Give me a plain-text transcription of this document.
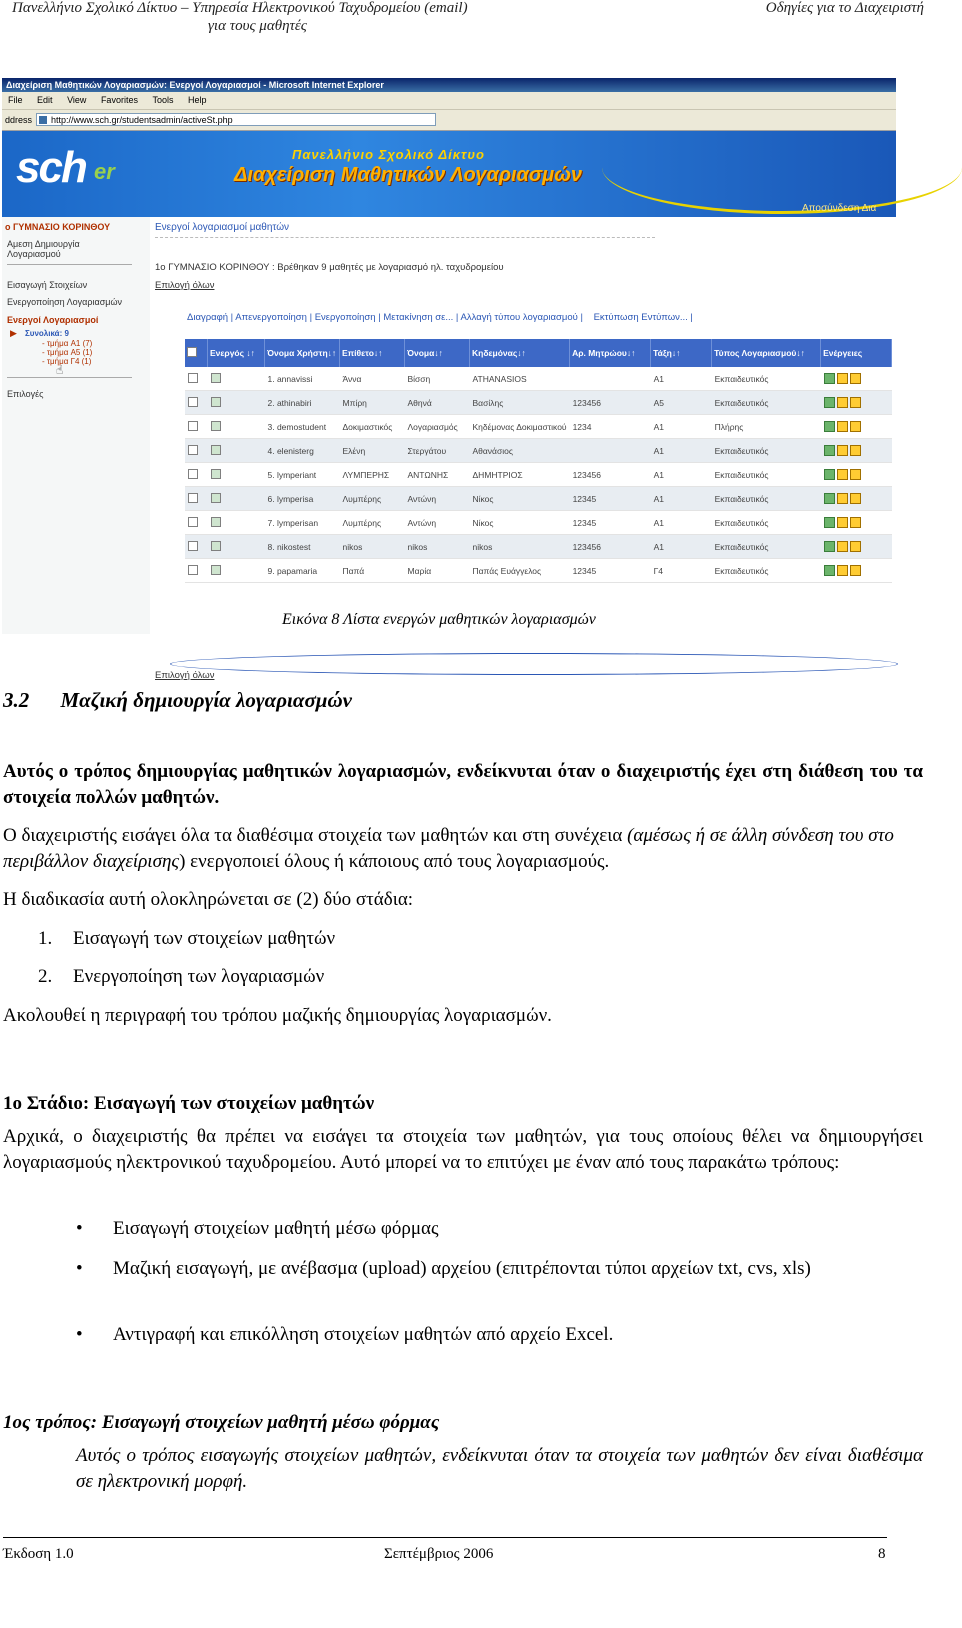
Πανελλήνιο Σχολικό Δίκτυο – Υπηρεσία Ηλεκτρονικού Ταχυδρομείου (email)
για τους μαθητές
Οδηγίες για το Διαχειριστή
Διαχείριση Μαθητικών Λογαριασμών: Ενεργοί Λογαριασμοί - Microsoft Internet Explorer
File Edit View Favorites Tools Help
ddress	http://www.sch.gr/studentsadmin/activeSt.php
sch er
Πανελλήνιο Σχολικό Δίκτυο
Διαχείριση Μαθητικών Λογαριασμών
Αποσύνδεση Δια
ο ΓΥΜΝΑΣΙΟ ΚΟΡΙΝΘΟΥ
Αμεση Δημιουργία Λογαριασμού
Εισαγωγή Στοιχείων
Ενεργοποίηση Λογαριασμών
Ενεργοί Λογαριασμοί
▶ Συνολικά: 9
- τμήμα A1 (7)
- τμήμα A5 (1)
- τμήμα Γ4 (1)
☝
Επιλογές
Ενεργοί λογαριασμοί μαθητών
1ο ΓΥΜΝΑΣΙΟ ΚΟΡΙΝΘΟΥ : Βρέθηκαν 9 μαθητές με λογαριασμό ηλ. ταχυδρομείου
Επιλογή όλων
Διαγραφή | Απενεργοποίηση | Ενεργοποίηση | Μετακίνηση σε... | Αλλαγή τύπου λογαριασμού | Εκτύπωση Εντύπων... |
	Ενεργός ↓↑	Όνομα Χρήστη↓↑	Επίθετο↓↑	Όνομα↓↑	Κηδεμόνας↓↑	Αρ. Μητρώου↓↑	Τάξη↓↑	Τύπος Λογαριασμού↓↑	Ενέργειες
		1. annavissi	Άννα	Βίσση	ATHANASIOS		A1	Εκπαιδευτικός	
		2. athinabiri	Μπίρη	Αθηνά	Βασίλης	123456	A5	Εκπαιδευτικός	
		3. demostudent	Δοκιμαστικός	Λογαριασμός	Κηδέμονας Δοκιμαστικού	1234	A1	Πλήρης	
		4. elenisterg	Ελένη	Στεργάτου	Αθανάσιος		A1	Εκπαιδευτικός	
		5. lymperiant	ΛΥΜΠΕΡΗΣ	ΑΝΤΩΝΗΣ	ΔΗΜΗΤΡΙΟΣ	123456	A1	Εκπαιδευτικός	
		6. lymperisa	Λυμπέρης	Αντώνη	Νίκος	12345	A1	Εκπαιδευτικός	
		7. lymperisan	Λυμπέρης	Αντώνη	Νίκος	12345	A1	Εκπαιδευτικός	
		8. nikostest	nikos	nikos	nikos	123456	A1	Εκπαιδευτικός	
		9. papamaria	Παπά	Μαρία	Παπάς Ευάγγελος	12345	Γ4	Εκπαιδευτικός	
Επιλογή όλων
Εικόνα 8 Λίστα ενεργών μαθητικών λογαριασμών
3.2 Μαζική δημιουργία λογαριασμών
Αυτός ο τρόπος δημιουργίας μαθητικών λογαριασμών, ενδείκνυται όταν ο διαχειριστής έχει στη διάθεση του τα στοιχεία πολλών μαθητών.
Ο διαχειριστής εισάγει όλα τα διαθέσιμα στοιχεία των μαθητών και στη συνέχεια (αμέσως ή σε άλλη σύνδεση του στο περιβάλλον διαχείρισης) ενεργοποιεί όλους ή κάποιους από τους λογαριασμούς.
Η διαδικασία αυτή ολοκληρώνεται σε (2) δύο στάδια:
1. Εισαγωγή των στοιχείων μαθητών
2. Ενεργοποίηση των λογαριασμών
Ακολουθεί η περιγραφή του τρόπου μαζικής δημιουργίας λογαριασμών.
1ο Στάδιο: Εισαγωγή των στοιχείων μαθητών
Αρχικά, ο διαχειριστής θα πρέπει να εισάγει τα στοιχεία των μαθητών, για τους οποίους θέλει να δημιουργήσει λογαριασμούς ηλεκτρονικού ταχυδρομείου. Αυτό μπορεί να το επιτύχει με έναν από τους παρακάτω τρόπους:
• Εισαγωγή στοιχείων μαθητή μέσω φόρμας
• Μαζική εισαγωγή, με ανέβασμα (upload) αρχείου (επιτρέπονται τύποι αρχείων txt, cvs, xls)
• Αντιγραφή και επικόλληση στοιχείων μαθητών από αρχείο Excel.
1ος τρόπος: Εισαγωγή στοιχείων μαθητή μέσω φόρμας
Αυτός ο τρόπος εισαγωγής στοιχείων μαθητών, ενδείκνυται όταν τα στοιχεία των μαθητών δεν είναι διαθέσιμα σε ηλεκτρονική μορφή.
Έκδοση 1.0	Σεπτέμβριος 2006	8
